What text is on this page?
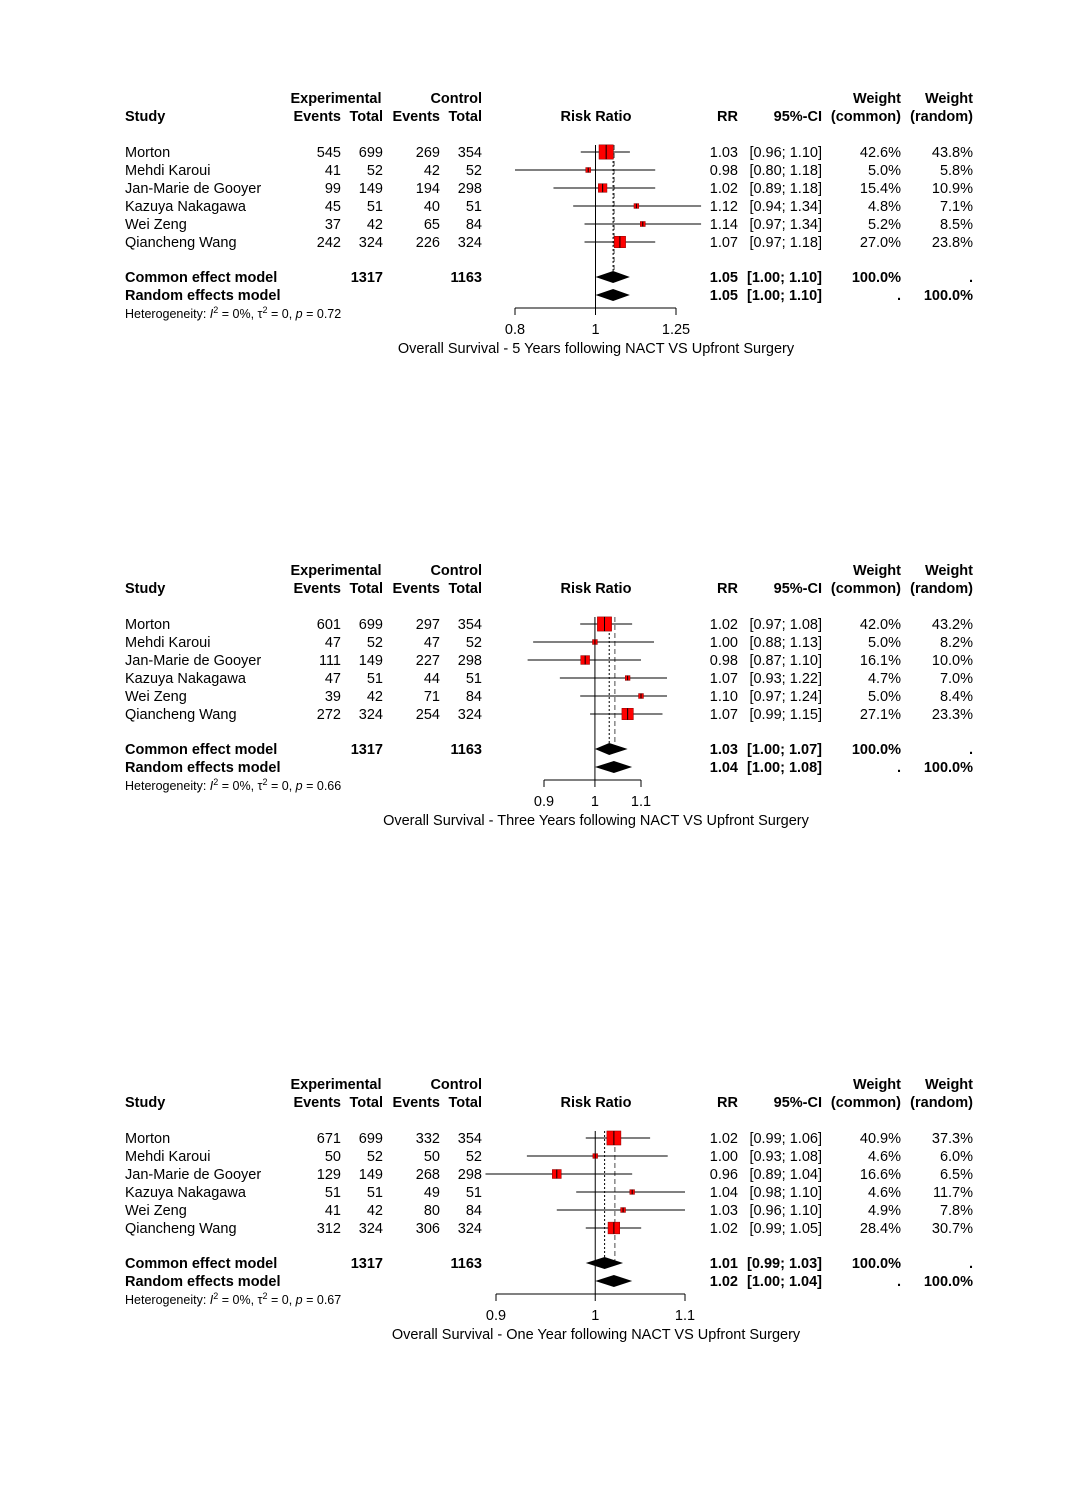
Experimental	Control	Weight Weight
Study	Events Total Events Total	Risk Ratio	RR 95%-CI (common) (random)
Morton	545 699 269 354	1.03 [0.96; 1.10]	42.6% 43.8%
Mehdi Karoui	41 52	42 52	0.98 [0.80; 1.18]	5.0%	5.8%
Jan-Marie de Gooyer	99 149 194 298	1.02 [0.89; 1.18]	15.4% 10.9%
Kazuya Nakagawa	45 51	40 51	1.12 [0.94; 1.34]	4.8%	7.1%
Wei Zeng	37 42	65 84	1.14 [0.97; 1.34]	5.2%	8.5%
Qiancheng Wang	242 324 226 324	1.07 [0.97; 1.18]	27.0% 23.8%
Common effect model	1317	1163	1.05 [1.00; 1.10] 100.0%	.
Random effects model	1.05 [1.00; 1.10]	. 100.0%
Heterogeneity: $I^2 = 0\%$, $\tau^2 = 0$, p = 0.72
0.8	1	1.25
Overall Survival - 5 Years following NACT VS Upfront Surgery
Experimental	Control	Weight Weight
Study	Events Total Events Total	Risk Ratio	RR 95%-CI (common) (random)
Morton	601 699 297 354	1.02 [0.97; 1.08]	42.0% 43.2%
Mehdi Karoui	47 52	47 52	1.00 [0.88; 1.13]	5.0%	8.2%
Jan-Marie de Gooyer	111 149 227 298	0.98 [0.87; 1.10]	16.1% 10.0%
Kazuya Nakagawa	47 51	44 51	1.07 [0.93; 1.22]	4.7%	7.0%
Wei Zeng	39 42	71 84	1.10 [0.97; 1.24]	5.0%	8.4%
Qiancheng Wang	272 324 254 324	1.07 [0.99; 1.15]	27.1% 23.3%
Common effect model	1317	1163	1.03 [1.00; 1.07] 100.0%	.
Random effects model	1.04 [1.00; 1.08]	. 100.0%
Heterogeneity: $I^2 = 0\%$, $\tau^2 = 0$, p = 0.66
0.9	1 1.1
Overall Survival - Three Years following NACT VS Upfront Surgery
Experimental	Control	Weight Weight
Study	Events Total Events Total	Risk Ratio	RR 95%-CI (common) (random)
Morton	671 699 332 354	1.02 [0.99; 1.06]	40.9% 37.3%
Mehdi Karoui	50 52	50 52	1.00 [0.93; 1.08]	4.6%	6.0%
Jan-Marie de Gooyer	129 149 268 298	0.96 [0.89; 1.04]	16.6%	6.5%
Kazuya Nakagawa	51 51	49 51	1.04 [0.98; 1.10]	4.6% 11.7%
Wei Zeng	41 42	80 84	1.03 [0.96; 1.10]	4.9%	7.8%
Qiancheng Wang	312 324 306 324	1.02 [0.99; 1.05]	28.4% 30.7%
Common effect model	1317	1163	1.01 [0.99; 1.03] 100.0%	.
Random effects model	1.02 [1.00; 1.04]	. 100.0%
Heterogeneity: $I^2 = 0\%$, $\tau^2 = 0$, p = 0.67
0.9	1	1.1
Overall Survival - One Year following NACT VS Upfront Surgery
